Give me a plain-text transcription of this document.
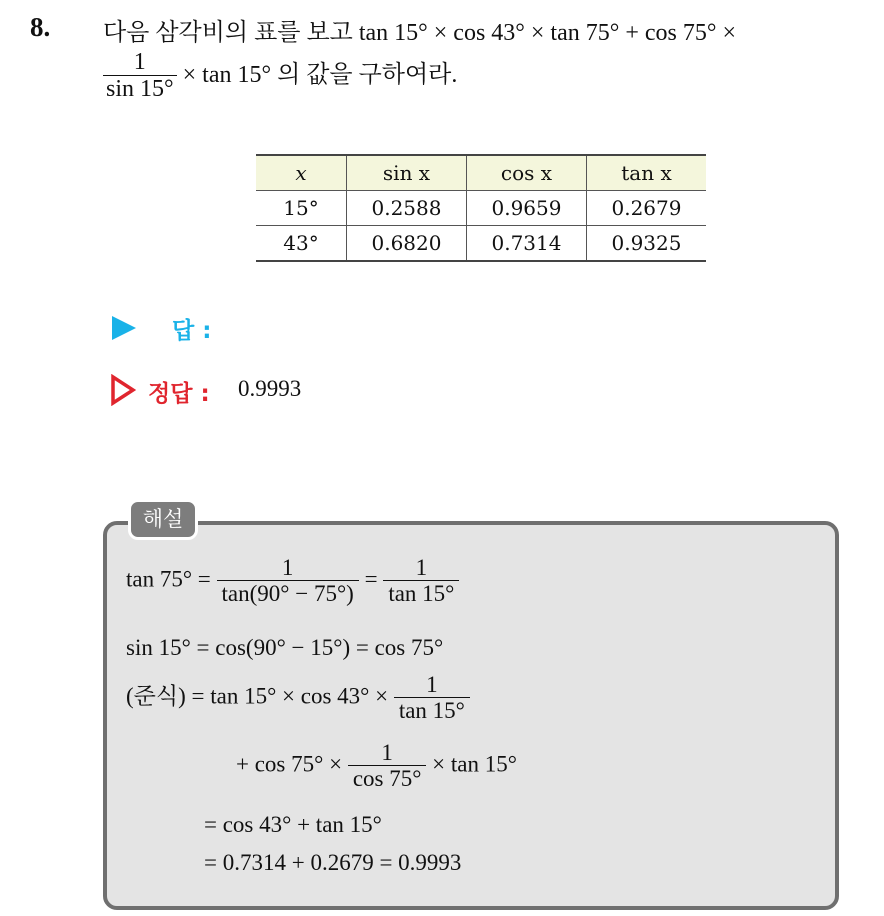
8. 다음 삼각비의 표를 보고 tan 15° × cos 43° × tan 75° + cos 75° ×
$\frac{1}{\sin 15^\circ} \times \tan 15^\circ$ 의 값을 구하여라.
x	sin x	cos x	tan x
15°	0.2588	0.9659	0.2679
43°	0.6820	0.7314	0.9325
답 :
정답 : 0.9993
해설
$\tan 75^\circ = \frac{1}{\tan(90^\circ - 75^\circ)} = \frac{1}{\tan 15^\circ}$
sin 15° = cos(90° − 15°) = cos 75°
(준식) = $\tan 15^\circ \times \cos 43^\circ \times \frac{1}{\tan 15^\circ}$
+ $\cos 75^\circ \times \frac{1}{\cos 75^\circ} \times \tan 15^\circ$
= cos 43° + tan 15°
= 0.7314 + 0.2679 = 0.9993
